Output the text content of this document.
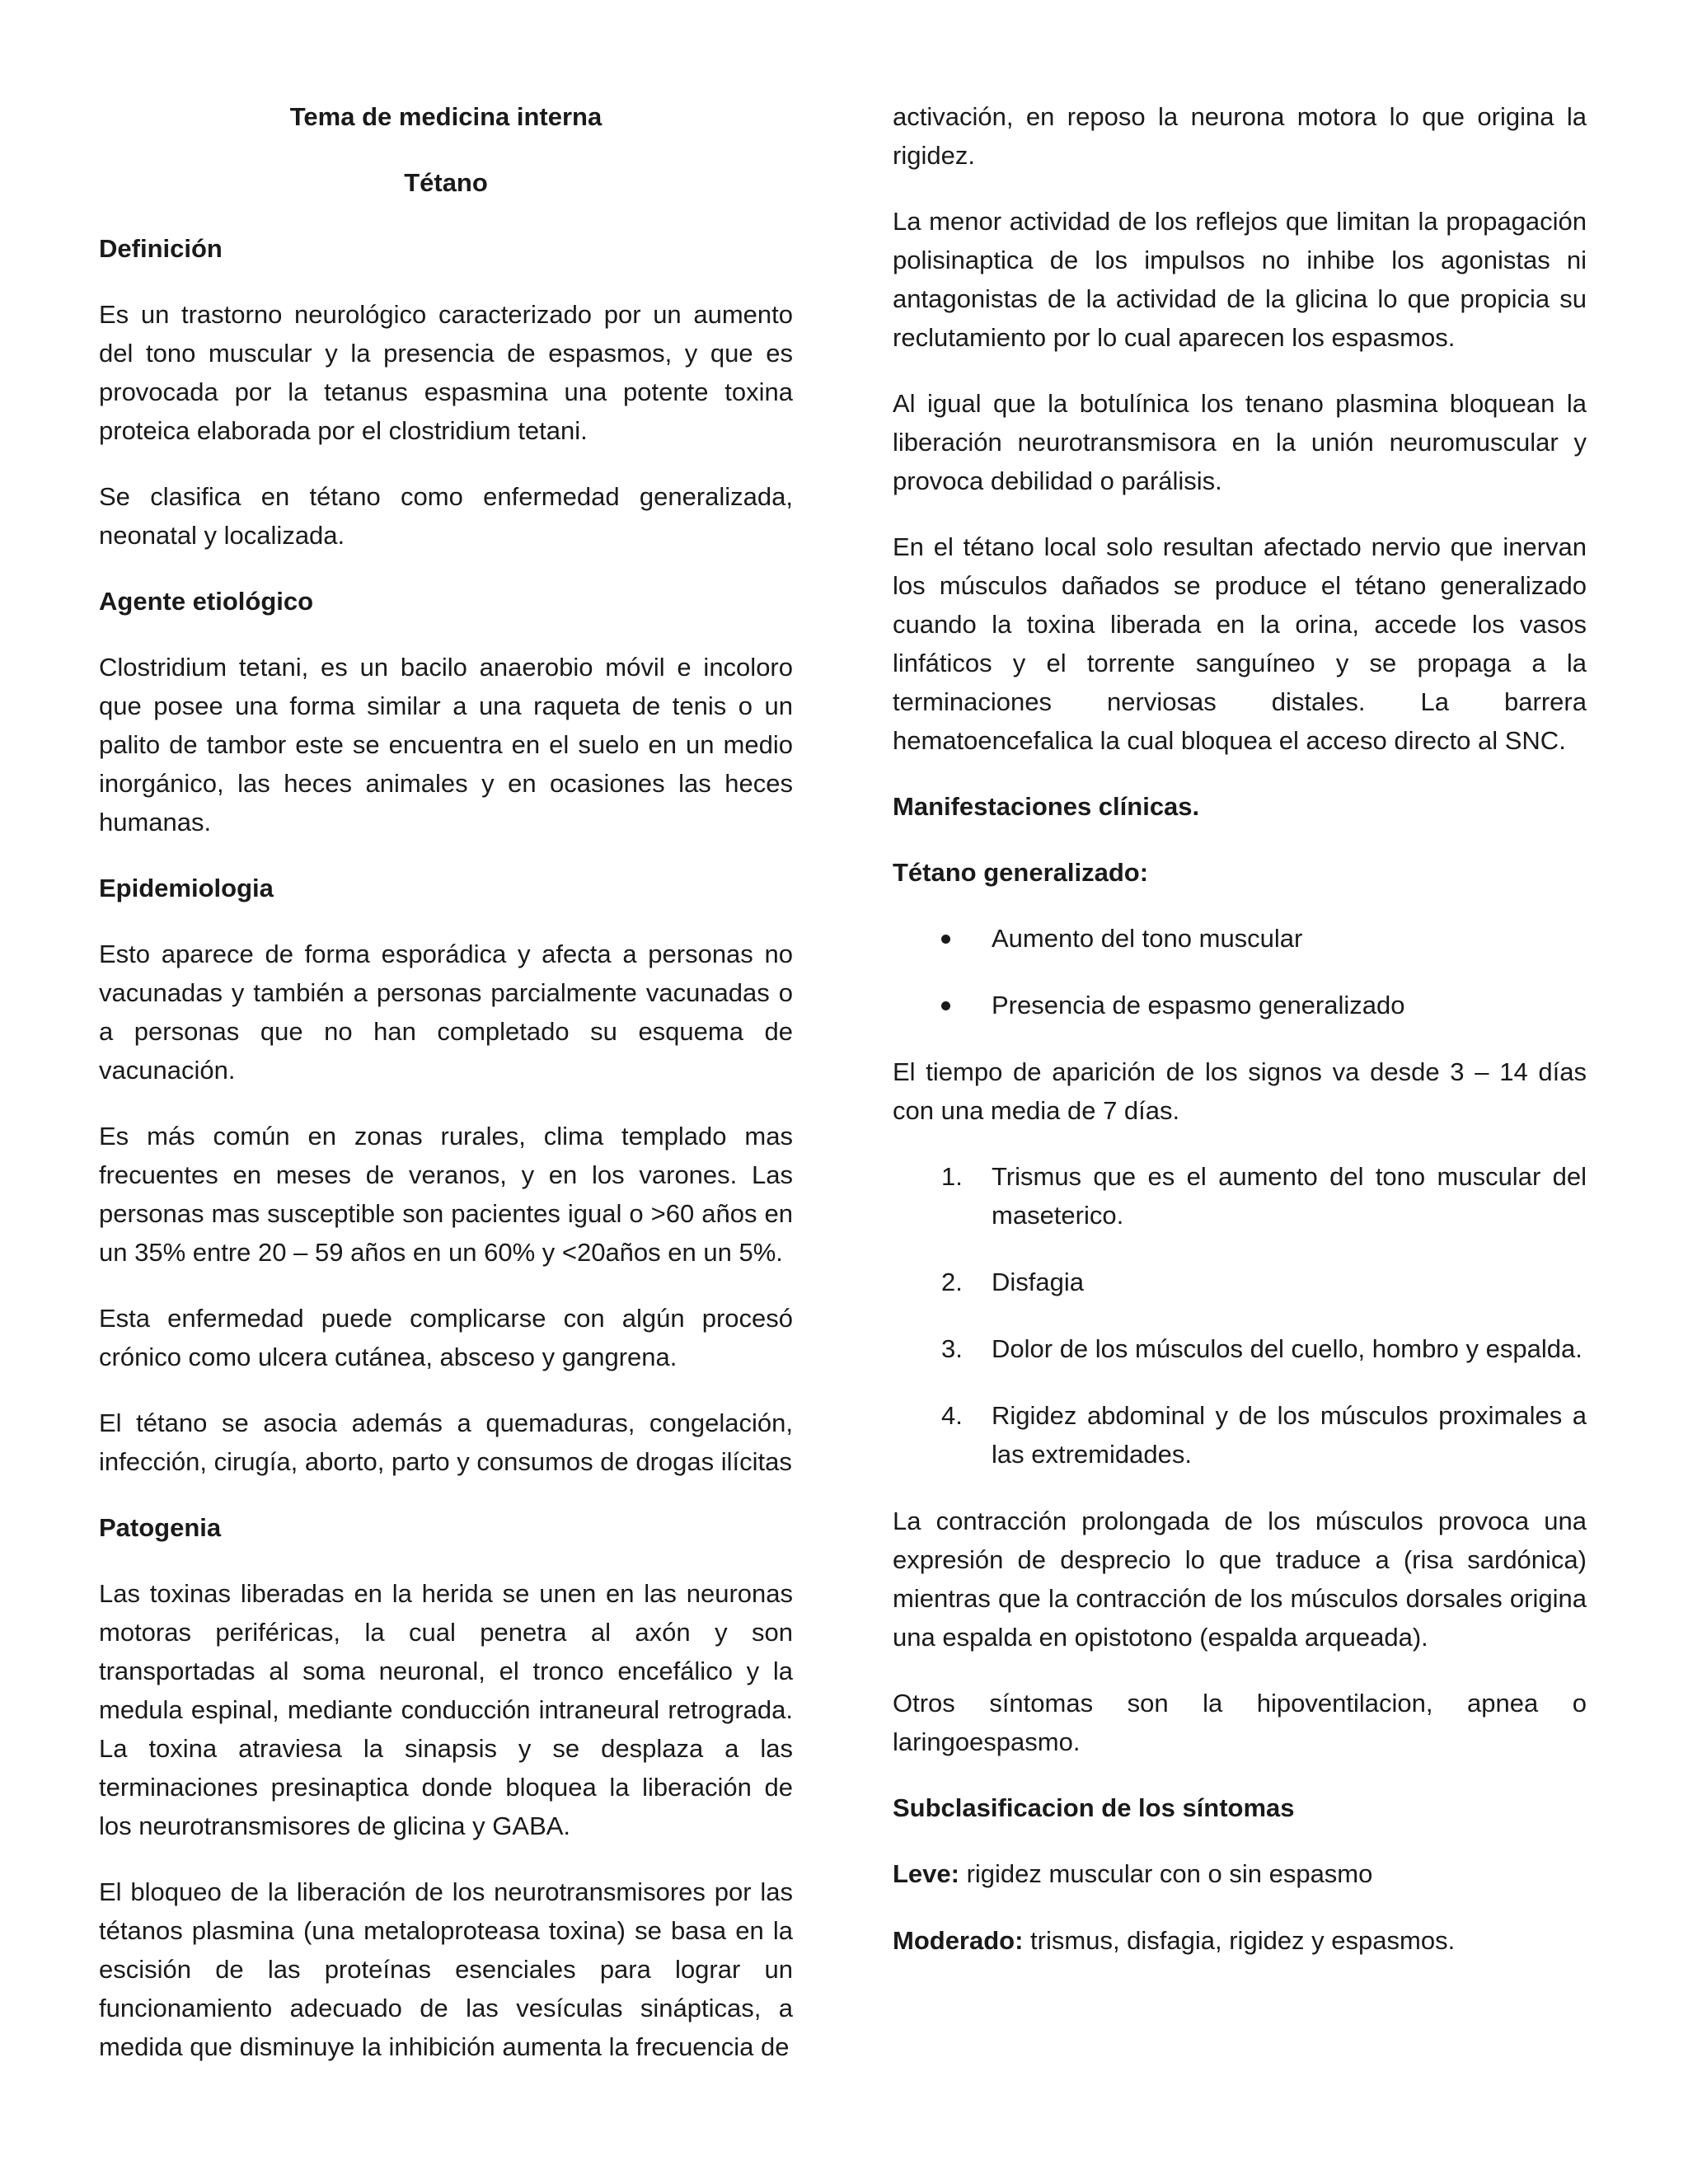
Tema de medicina interna

Tétano

Definición

Es un trastorno neurológico caracterizado por un aumento del tono muscular y la presencia de espasmos, y que es provocada por la tetanus espasmina una potente toxina proteica elaborada por el clostridium tetani.

Se clasifica en tétano como enfermedad generalizada, neonatal y localizada.

Agente etiológico

Clostridium tetani, es un bacilo anaerobio móvil e incoloro que posee una forma similar a una raqueta de tenis o un palito de tambor este se encuentra en el suelo en un medio inorgánico, las heces animales y en ocasiones las heces humanas.

Epidemiologia

Esto aparece de forma esporádica y afecta a personas no vacunadas y también a personas parcialmente vacunadas o a personas que no han completado su esquema de vacunación.

Es más común en zonas rurales, clima templado mas frecuentes en meses de veranos, y en los varones. Las personas mas susceptible son pacientes igual o >60 años en un 35% entre 20 – 59 años en un 60% y <20años en un 5%.

Esta enfermedad puede complicarse con algún procesó crónico como ulcera cutánea, absceso y gangrena.

El tétano se asocia además a quemaduras, congelación, infección, cirugía, aborto, parto y consumos de drogas ilícitas

Patogenia

Las toxinas liberadas en la herida se unen en las neuronas motoras periféricas, la cual penetra al axón y son transportadas al soma neuronal, el tronco encefálico y la medula espinal, mediante conducción intraneural retrograda. La toxina atraviesa la sinapsis y se desplaza a las terminaciones presinaptica donde bloquea la liberación de los neurotransmisores de glicina y GABA.

El bloqueo de la liberación de los neurotransmisores por las tétanos plasmina (una metaloproteasa toxina) se basa en la escisión de las proteínas esenciales para lograr un funcionamiento adecuado de las vesículas sinápticas, a medida que disminuye la inhibición aumenta la frecuencia de

activación, en reposo la neurona motora lo que origina la rigidez.

La menor actividad de los reflejos que limitan la propagación polisinaptica de los impulsos no inhibe los agonistas ni antagonistas de la actividad de la glicina lo que propicia su reclutamiento por lo cual aparecen los espasmos.

Al igual que la botulínica los tenano plasmina bloquean la liberación neurotransmisora en la unión neuromuscular y provoca debilidad o parálisis.

En el tétano local solo resultan afectado nervio que inervan los músculos dañados se produce el tétano generalizado cuando la toxina liberada en la orina, accede los vasos linfáticos y el torrente sanguíneo y se propaga a la terminaciones nerviosas distales. La barrera hematoencefalica la cual bloquea el acceso directo al SNC.

Manifestaciones clínicas.

Tétano generalizado:

Aumento del tono muscular
Presencia de espasmo generalizado

El tiempo de aparición de los signos va desde 3 – 14 días con una media de 7 días.

1. Trismus que es el aumento del tono muscular del maseterico.
2. Disfagia
3. Dolor de los músculos del cuello, hombro y espalda.
4. Rigidez abdominal y de los músculos proximales a las extremidades.

La contracción prolongada de los músculos provoca una expresión de desprecio lo que traduce a (risa sardónica) mientras que la contracción de los músculos dorsales origina una espalda en opistotono (espalda arqueada).

Otros síntomas son la hipoventilacion, apnea o laringoespasmo.

Subclasificacion de los síntomas

Leve: rigidez muscular con o sin espasmo

Moderado: trismus, disfagia, rigidez y espasmos.
